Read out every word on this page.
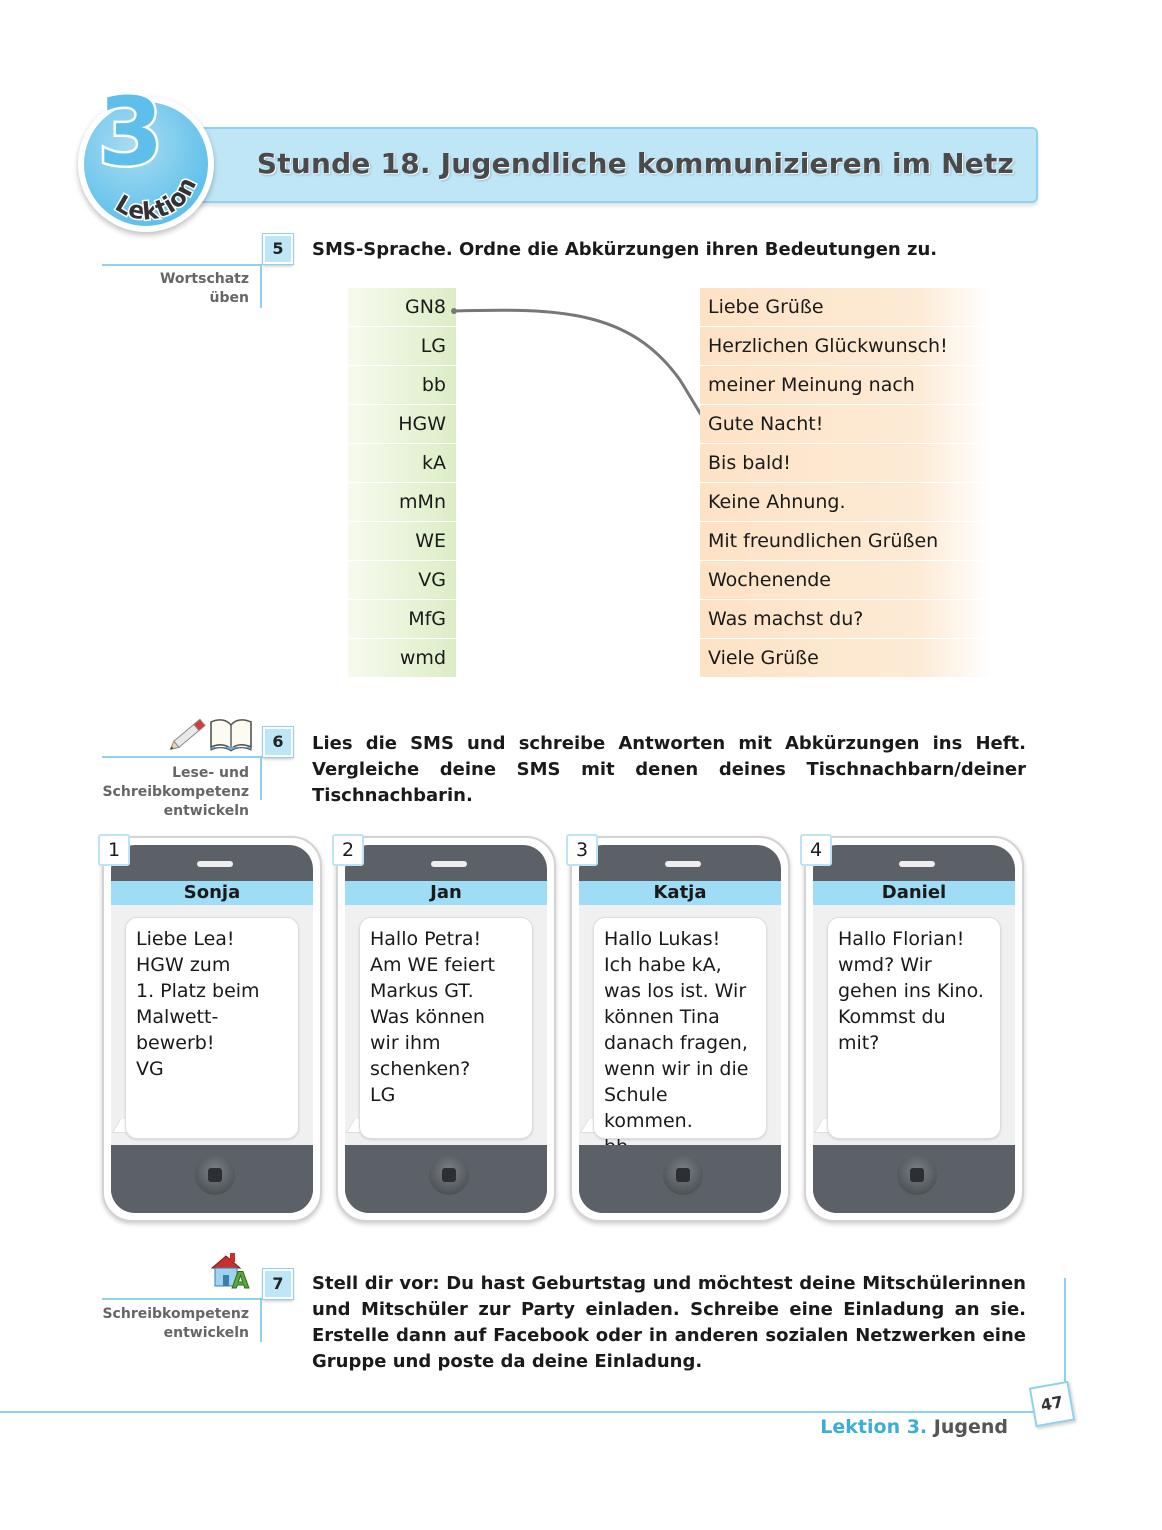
Stunde 18. Jugendliche kommunizieren im Netz
3
Lektion
5
Wortschatz
üben
SMS-Sprache. Ordne die Abkürzungen ihren Bedeutungen zu.
GN8
LG
bb
HGW
kA
mMn
WE
VG
MfG
wmd
Liebe Grüße
Herzlichen Glückwunsch!
meiner Meinung nach
Gute Nacht!
Bis bald!
Keine Ahnung.
Mit freundlichen Grüßen
Wochenende
Was machst du?
Viele Grüße
6
Lese- und
Schreibkompetenz
entwickeln
Lies die SMS und schreibe Antworten mit Abkürzungen ins Heft. Vergleiche deine SMS mit denen deines Tischnachbarn/deiner Tischnachbarin.
Sonja
Liebe Lea!
HGW zum
1. Platz beim
Malwett-
bewerb!
VG
1
Jan
Hallo Petra!
Am WE feiert
Markus GT.
Was können
wir ihm
schenken?
LG
2
Katja
Hallo Lukas!
Ich habe kA,
was los ist. Wir
können Tina
danach fragen,
wenn wir in die
Schule kommen.

3
Daniel
Hallo Florian!
wmd? Wir
gehen ins Kino.
Kommst du
mit?
4
A	7
Schreibkompetenz
entwickeln
Stell dir vor: Du hast Geburtstag und möchtest deine Mitschülerinnen und Mitschüler zur Party einladen. Schreibe eine Einladung an sie. Erstelle dann auf Facebook oder in anderen sozialen Netzwerken eine Gruppe und poste da deine Einladung.
47
Lektion 3. Jugend
